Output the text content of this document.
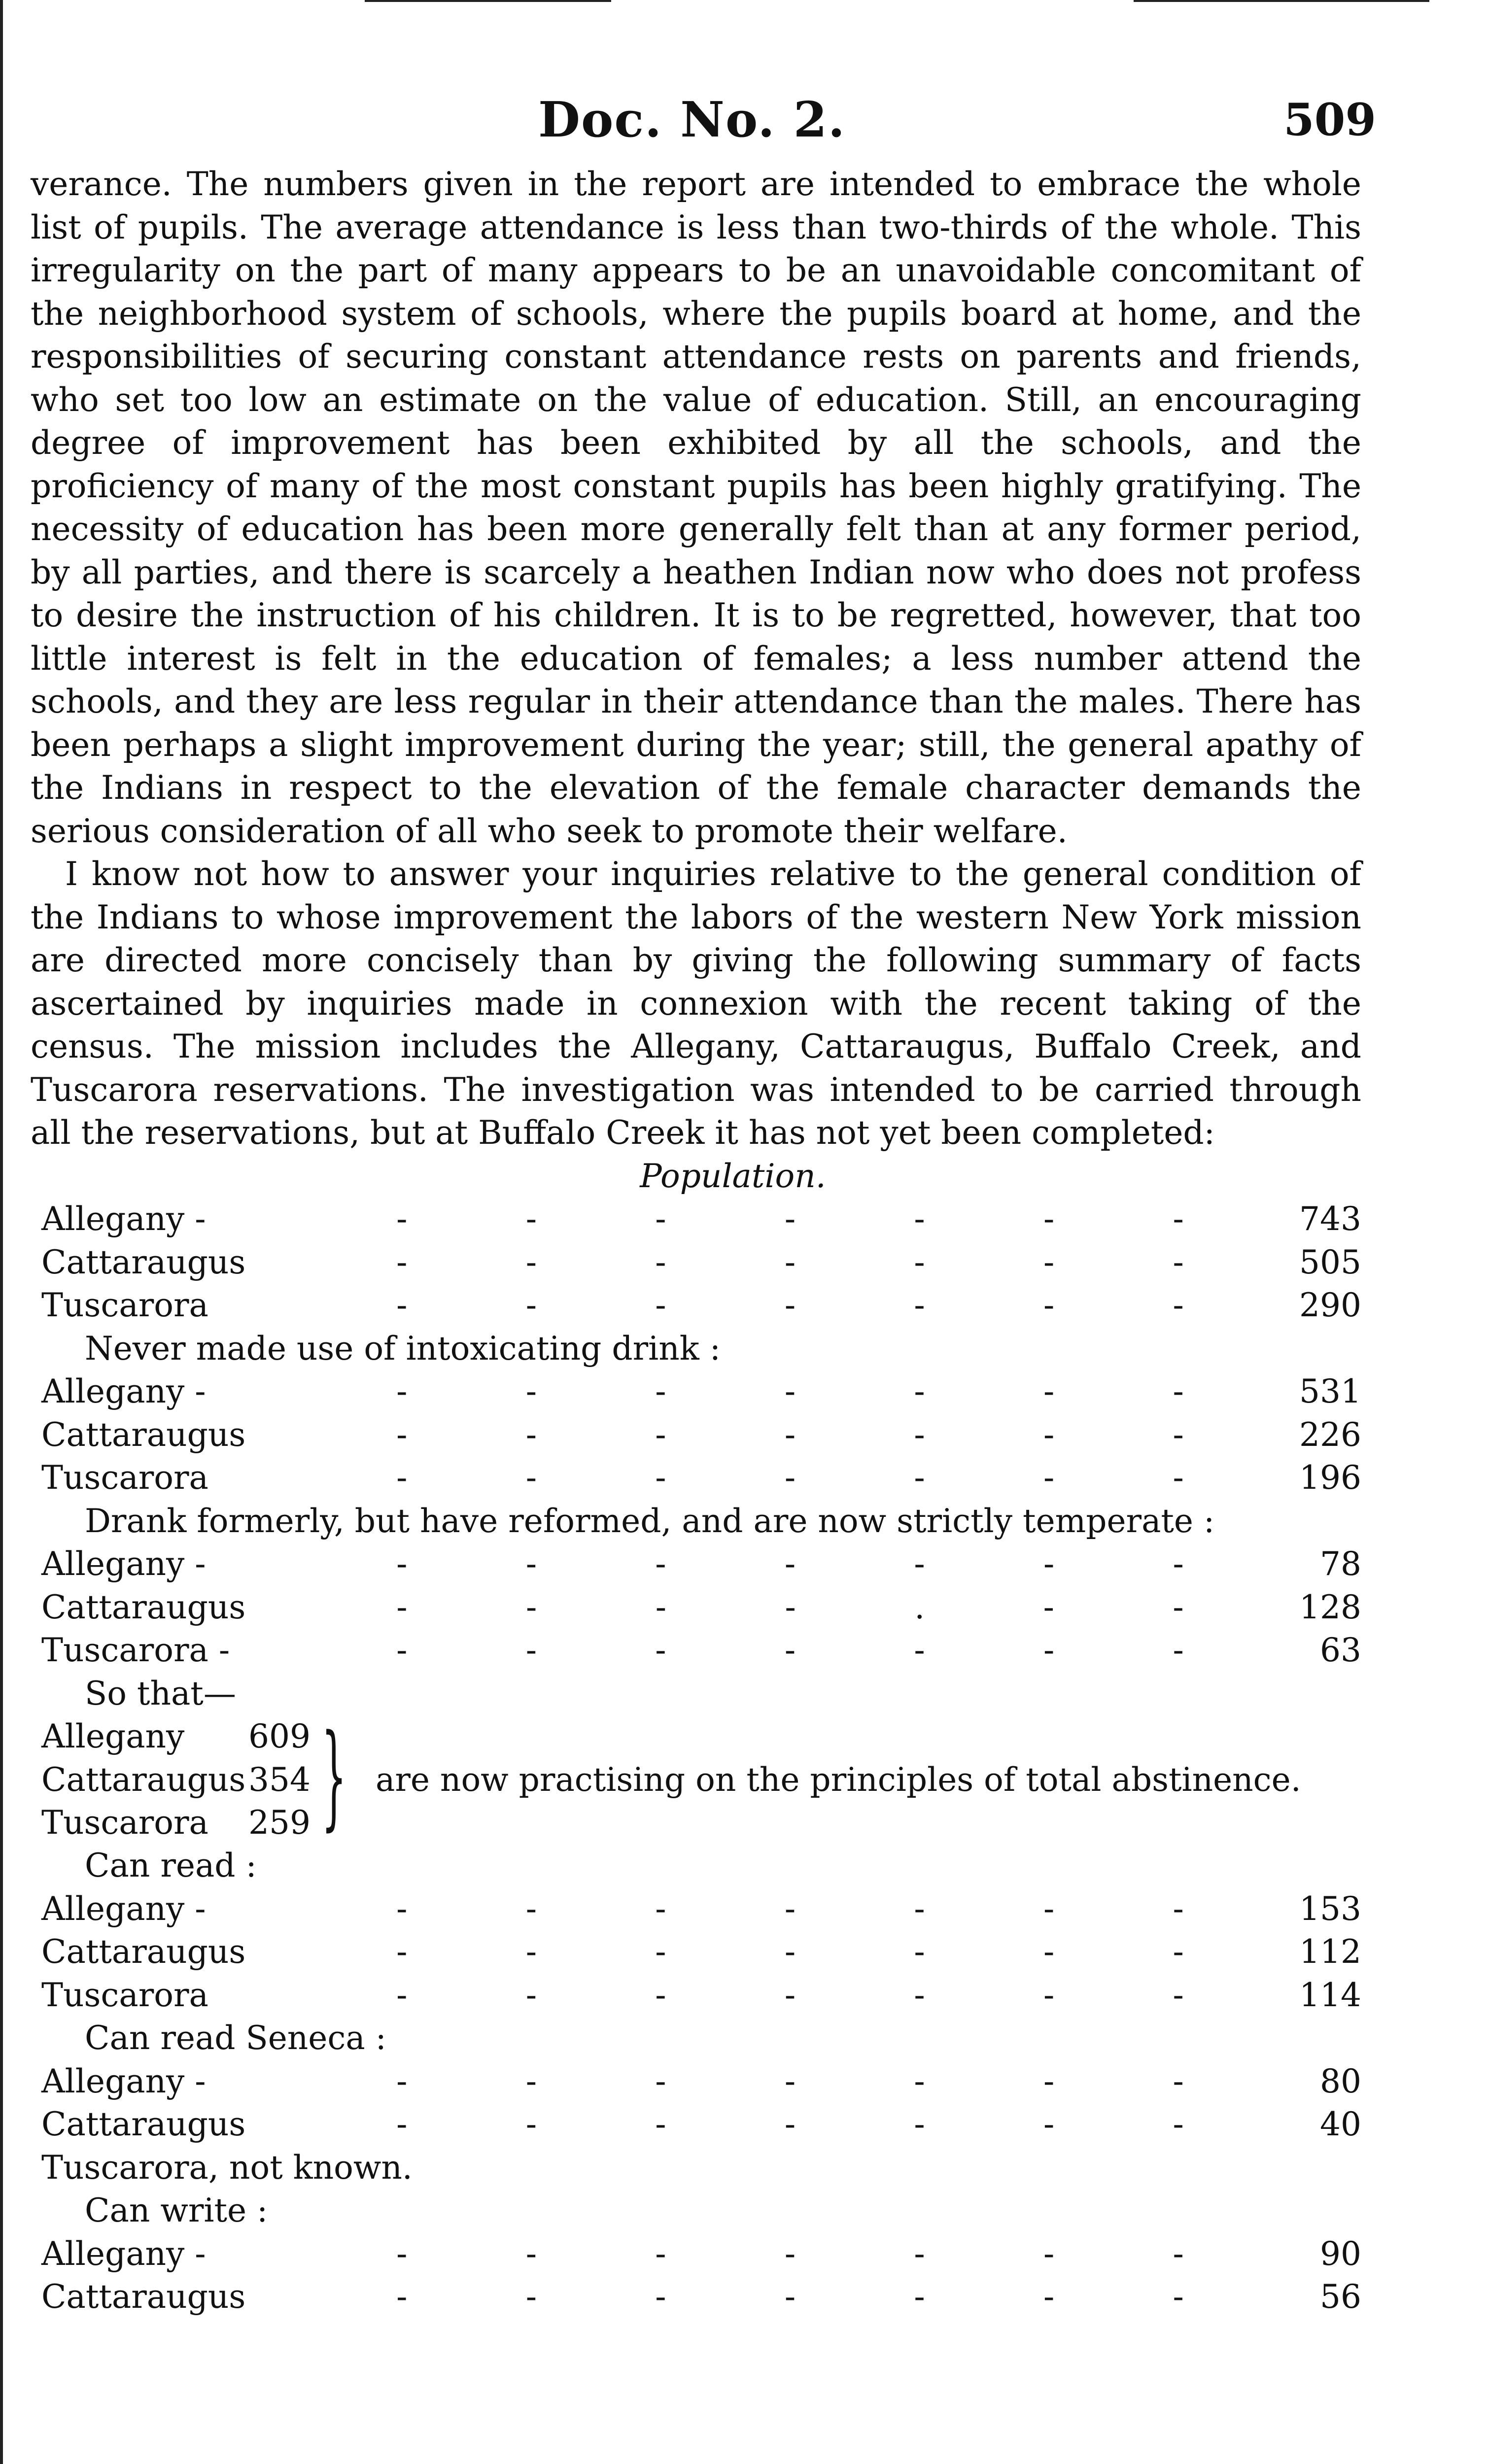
Doc. No. 2.	509

verance. The numbers given in the report are intended to embrace the whole list of pupils. The average attendance is less than two-thirds of the whole. This irregularity on the part of many appears to be an unavoidable concomitant of the neighborhood system of schools, where the pupils board at home, and the responsibilities of securing constant attendance rests on parents and friends, who set too low an estimate on the value of education. Still, an encouraging degree of improvement has been exhibited by all the schools, and the proficiency of many of the most constant pupils has been highly gratifying. The necessity of education has been more generally felt than at any former period, by all parties, and there is scarcely a heathen Indian now who does not profess to desire the instruction of his children. It is to be regretted, however, that too little interest is felt in the education of females; a less number attend the schools, and they are less regular in their attendance than the males. There has been perhaps a slight improvement during the year; still, the general apathy of the Indians in respect to the elevation of the female character demands the serious consideration of all who seek to promote their welfare.

I know not how to answer your inquiries relative to the general condition of the Indians to whose improvement the labors of the western New York mission are directed more concisely than by giving the following summary of facts ascertained by inquiries made in connexion with the recent taking of the census. The mission includes the Allegany, Cattaraugus, Buffalo Creek, and Tuscarora reservations. The investigation was intended to be carried through all the reservations, but at Buffalo Creek it has not yet been completed:

Population.
Allegany -	-	-	-	-	-	-	-	743
Cattaraugus	-	-	-	-	-	-	-	505
Tuscarora	-	-	-	-	-	-	-	290
Never made use of intoxicating drink :
Allegany -	-	-	-	-	-	-	-	531
Cattaraugus	-	-	-	-	-	-	-	226
Tuscarora	-	-	-	-	-	-	-	196
Drank formerly, but have reformed, and are now strictly temperate :
Allegany -	-	-	-	-	-	-	-	78
Cattaraugus	-	-	-	-	.	-	-	128
Tuscarora -	-	-	-	-	-	-	-	63
So that—
Allegany	609
Cattaraugus 354
Tuscarora	259 } are now practising on the principles of total abstinence.
Can read :
Allegany -	-	-	-	-	-	-	-	153
Cattaraugus	-	-	-	-	-	-	-	112
Tuscarora	-	-	-	-	-	-	-	114
Can read Seneca :
Allegany -	-	-	-	-	-	-	-	80
Cattaraugus	-	-	-	-	-	-	-	40
Tuscarora, not known.
Can write :
Allegany -	-	-	-	-	-	-	-	90
Cattaraugus	-	-	-	-	-	-	-	56
